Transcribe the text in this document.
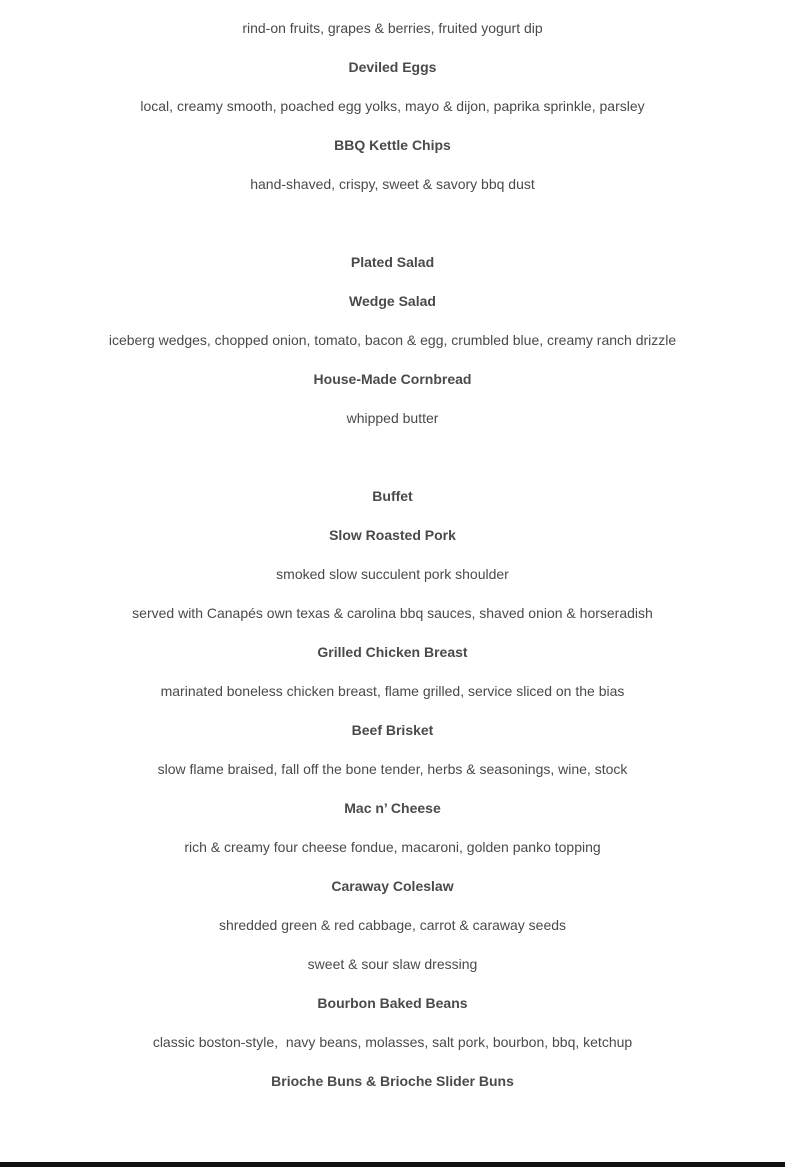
rind-on fruits, grapes & berries, fruited yogurt dip
Deviled Eggs
local, creamy smooth, poached egg yolks, mayo & dijon, paprika sprinkle, parsley
BBQ Kettle Chips
hand-shaved, crispy, sweet & savory bbq dust
Plated Salad
Wedge Salad
iceberg wedges, chopped onion, tomato, bacon & egg, crumbled blue, creamy ranch drizzle
House-Made Cornbread
whipped butter
Buffet
Slow Roasted Pork
smoked slow succulent pork shoulder
served with Canapés own texas & carolina bbq sauces, shaved onion & horseradish
Grilled Chicken Breast
marinated boneless chicken breast, flame grilled, service sliced on the bias
Beef Brisket
slow flame braised, fall off the bone tender, herbs & seasonings, wine, stock
Mac n’ Cheese
rich & creamy four cheese fondue, macaroni, golden panko topping
Caraway Coleslaw
shredded green & red cabbage, carrot & caraway seeds
sweet & sour slaw dressing
Bourbon Baked Beans
classic boston-style,  navy beans, molasses, salt pork, bourbon, bbq, ketchup
Brioche Buns & Brioche Slider Buns
